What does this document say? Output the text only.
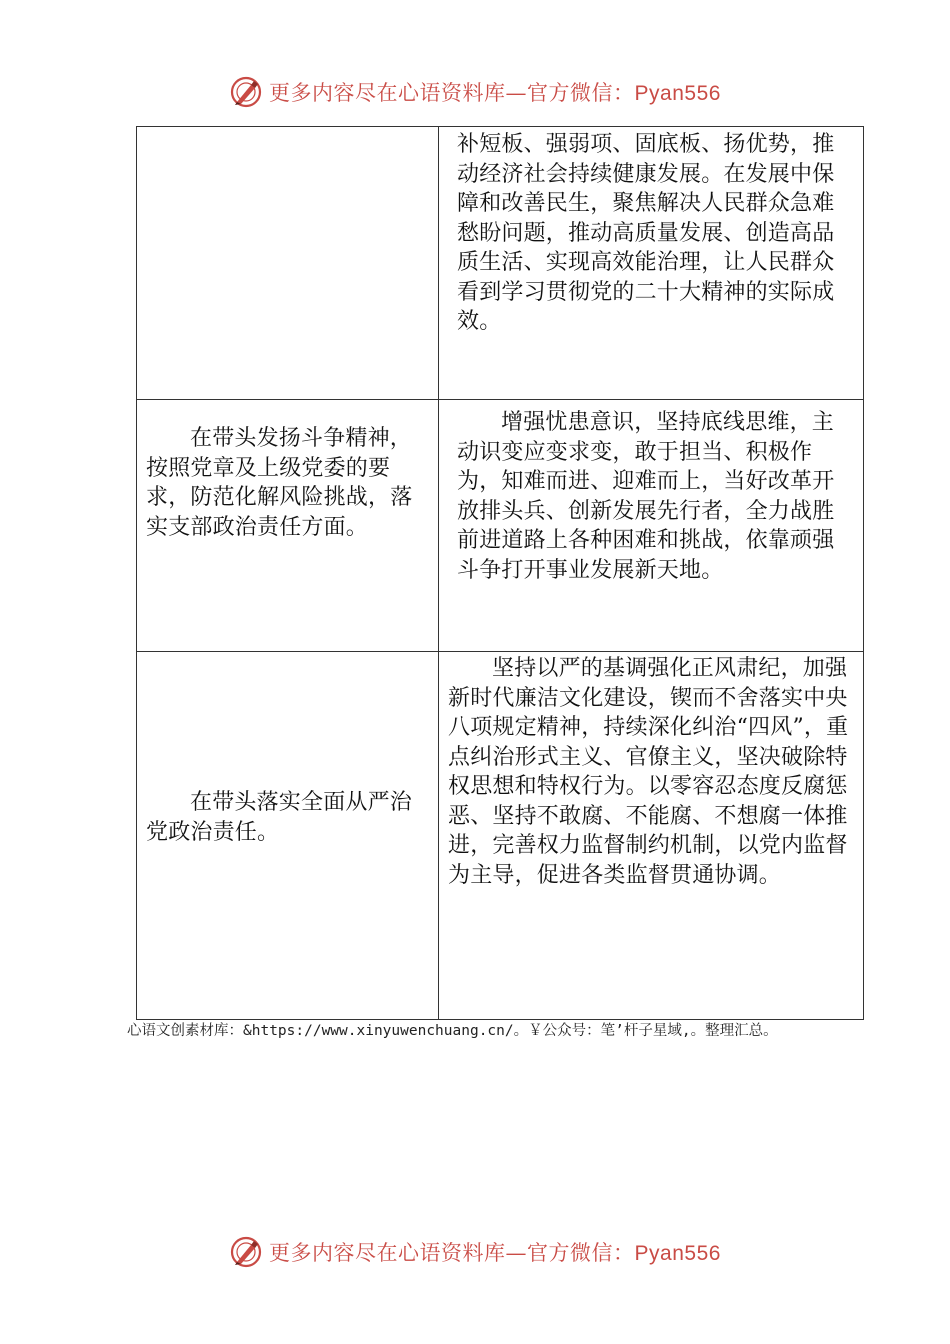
更多内容尽在心语资料库—官方微信：Pyan556

	补短板、强弱项、固底板、扬优势，推动经济社会持续健康发展。在发展中保障和改善民生，聚焦解决人民群众急难愁盼问题，推动高质量发展、创造高品质生活、实现高效能治理，让人民群众看到学习贯彻党的二十大精神的实际成效。

在带头发扬斗争精神，按照党章及上级党委的要求，防范化解风险挑战，落实支部政治责任方面。	增强忧患意识，坚持底线思维，主动识变应变求变，敢于担当、积极作为，知难而进、迎难而上，当好改革开放排头兵、创新发展先行者，全力战胜前进道路上各种困难和挑战，依靠顽强斗争打开事业发展新天地。

在带头落实全面从严治党政治责任。	坚持以严的基调强化正风肃纪，加强新时代廉洁文化建设，锲而不舍落实中央八项规定精神，持续深化纠治“四风”，重点纠治形式主义、官僚主义，坚决破除特权思想和特权行为。以零容忍态度反腐惩恶、坚持不敢腐、不能腐、不想腐一体推进，完善权力监督制约机制，以党内监督为主导，促进各类监督贯通协调。

心语文创素材库：&https://www.xinyuwenchuang.cn/。￥公众号：笔’杆子星域,。整理汇总。
更多内容尽在心语资料库—官方微信：Pyan556
